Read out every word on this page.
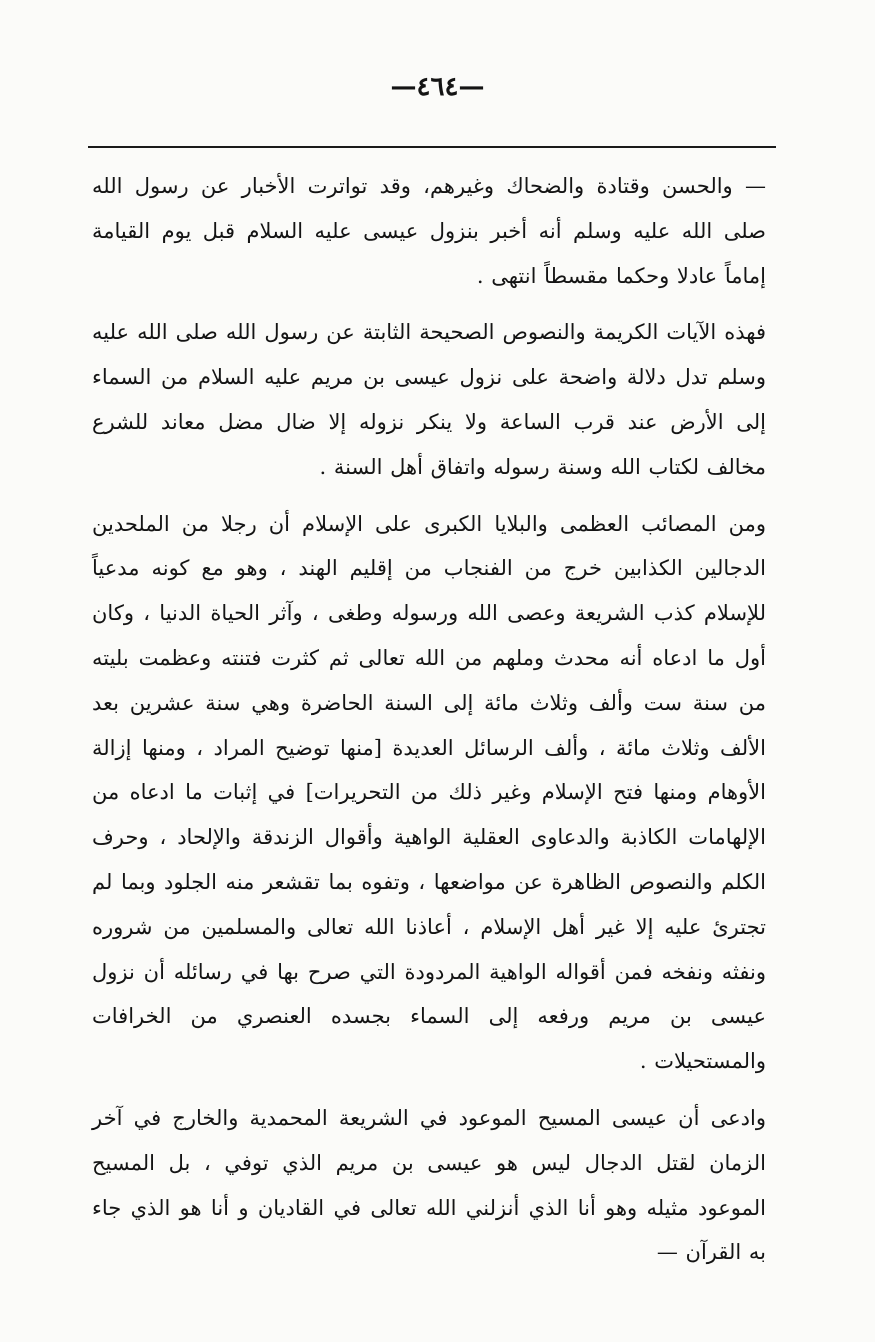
—٤٦٤—

— والحسن وقتادة والضحاك وغيرهم، وقد تواترت الأخبار عن رسول الله صلى الله عليه وسلم أنه أخبر بنزول عيسى عليه السلام قبل يوم القيامة إماماً عادلا وحكما مقسطاً انتهى .

فهذه الآيات الكريمة والنصوص الصحيحة الثابتة عن رسول الله صلى الله عليه وسلم تدل دلالة واضحة على نزول عيسى بن مريم عليه السلام من السماء إلى الأرض عند قرب الساعة ولا ينكر نزوله إلا ضال مضل معاند للشرع مخالف لكتاب الله وسنة رسوله واتفاق أهل السنة .

ومن المصائب العظمى والبلايا الكبرى على الإسلام أن رجلا من الملحدين الدجالين الكذابين خرج من الفنجاب من إقليم الهند ، وهو مع كونه مدعياً للإسلام كذب الشريعة وعصى الله ورسوله وطغى ، وآثر الحياة الدنيا ، وكان أول ما ادعاه أنه محدث وملهم من الله تعالى ثم كثرت فتنته وعظمت بليته من سنة ست وألف وثلاث مائة إلى السنة الحاضرة وهي سنة عشرين بعد الألف وثلاث مائة ، وألف الرسائل العديدة [منها توضيح المراد ، ومنها إزالة الأوهام ومنها فتح الإسلام وغير ذلك من التحريرات] في إثبات ما ادعاه من الإلهامات الكاذبة والدعاوى العقلية الواهية وأقوال الزندقة والإلحاد ، وحرف الكلم والنصوص الظاهرة عن مواضعها ، وتفوه بما تقشعر منه الجلود وبما لم تجترئ عليه إلا غير أهل الإسلام ، أعاذنا الله تعالى والمسلمين من شروره ونفثه ونفخه فمن أقواله الواهية المردودة التي صرح بها في رسائله أن نزول عيسى بن مريم ورفعه إلى السماء بجسده العنصري من الخرافات والمستحيلات .

وادعى أن عيسى المسيح الموعود في الشريعة المحمدية والخارج في آخر الزمان لقتل الدجال ليس هو عيسى بن مريم الذي توفي ، بل المسيح الموعود مثيله وهو أنا الذي أنزلني الله تعالى في القاديان و أنا هو الذي جاء به القرآن —
